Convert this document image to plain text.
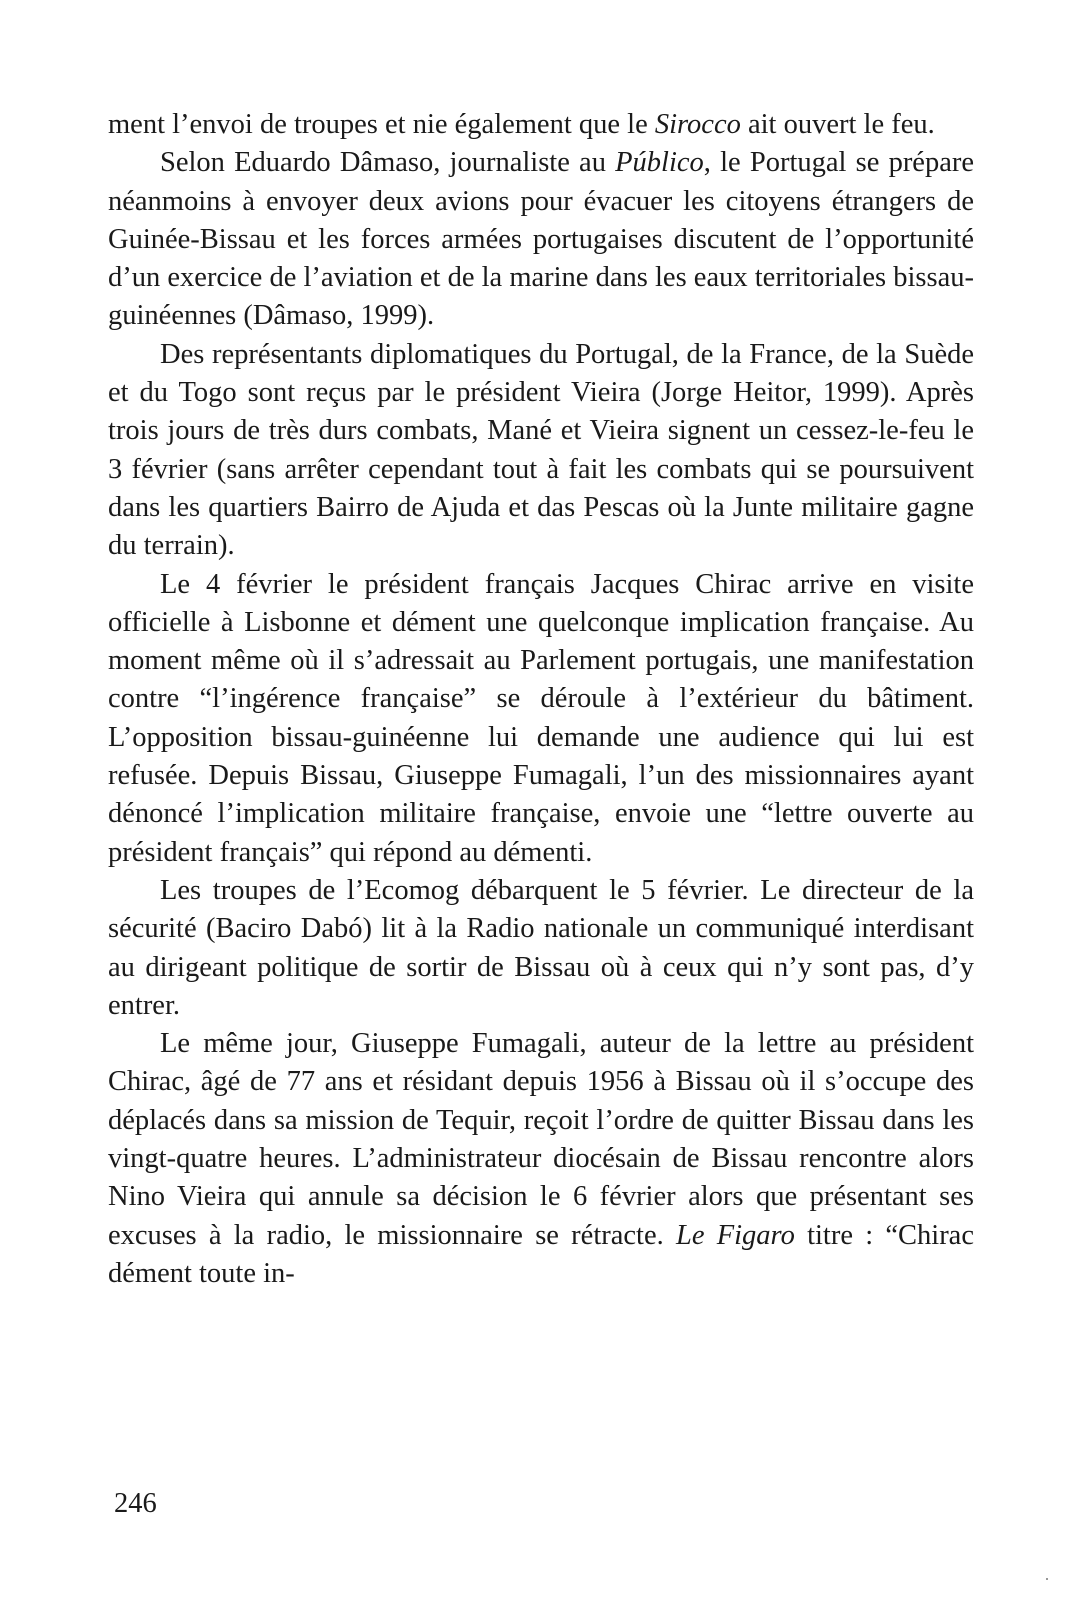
ment l’envoi de troupes et nie également que le Sirocco ait ouvert le feu.

Selon Eduardo Dâmaso, journaliste au Público, le Portugal se prépare néanmoins à envoyer deux avions pour évacuer les citoyens étrangers de Guinée-Bissau et les forces armées portugaises discutent de l’opportunité d’un exercice de l’aviation et de la marine dans les eaux territoriales bissau-guinéennes (Dâmaso, 1999).

Des représentants diplomatiques du Portugal, de la France, de la Suède et du Togo sont reçus par le président Vieira (Jorge Heitor, 1999). Après trois jours de très durs combats, Mané et Vieira signent un cessez-le-feu le 3 février (sans arrêter cependant tout à fait les combats qui se poursuivent dans les quartiers Bairro de Ajuda et das Pescas où la Junte militaire gagne du terrain).

Le 4 février le président français Jacques Chirac arrive en visite officielle à Lisbonne et dément une quelconque implication française. Au moment même où il s’adressait au Parlement portugais, une manifestation contre “l’ingérence française” se déroule à l’extérieur du bâtiment. L’opposition bissau-guinéenne lui demande une audience qui lui est refusée. Depuis Bissau, Giuseppe Fumagali, l’un des missionnaires ayant dénoncé l’implication militaire française, envoie une “lettre ouverte au président français” qui répond au démenti.

Les troupes de l’Ecomog débarquent le 5 février. Le directeur de la sécurité (Baciro Dabó) lit à la Radio nationale un communiqué interdisant au dirigeant politique de sortir de Bissau où à ceux qui n’y sont pas, d’y entrer.

Le même jour, Giuseppe Fumagali, auteur de la lettre au président Chirac, âgé de 77 ans et résidant depuis 1956 à Bissau où il s’occupe des déplacés dans sa mission de Tequir, reçoit l’ordre de quitter Bissau dans les vingt-quatre heures. L’administrateur diocésain de Bissau rencontre alors Nino Vieira qui annule sa décision le 6 février alors que présentant ses excuses à la radio, le missionnaire se rétracte. Le Figaro titre : “Chirac dément toute in-

246
